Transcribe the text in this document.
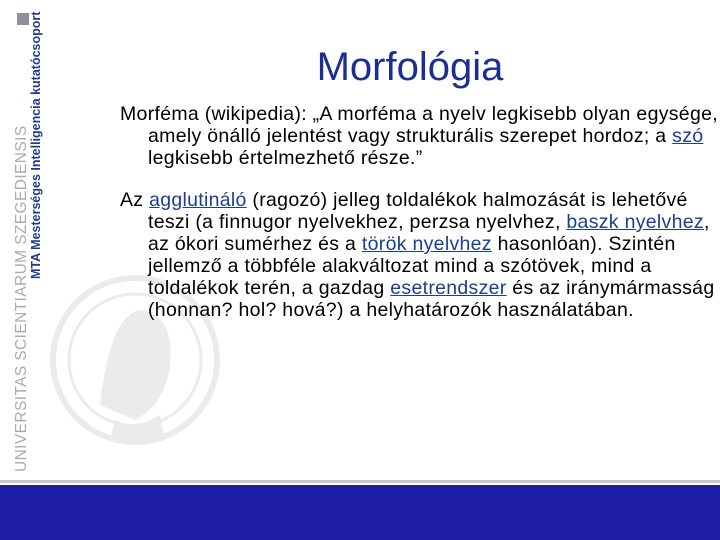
MTA Mesterséges Intelligencia kutatócsoport
UNIVERSITAS SCIENTIARUM SZEGEDIENSIS
Morfológia

Morféma (wikipedia): „A morféma a nyelv legkisebb olyan egysége, amely önálló jelentést vagy strukturális szerepet hordoz; a szó legkisebb értelmezhető része.”

Az agglutináló (ragozó) jelleg toldalékok halmozását is lehetővé teszi (a finnugor nyelvekhez, perzsa nyelvhez, baszk nyelvhez, az ókori sumérhez és a török nyelvhez hasonlóan). Szintén jellemző a többféle alakváltozat mind a szótövek, mind a toldalékok terén, a gazdag esetrendszer és az iránymármasság (honnan? hol? hová?) a helyhatározók használatában.
